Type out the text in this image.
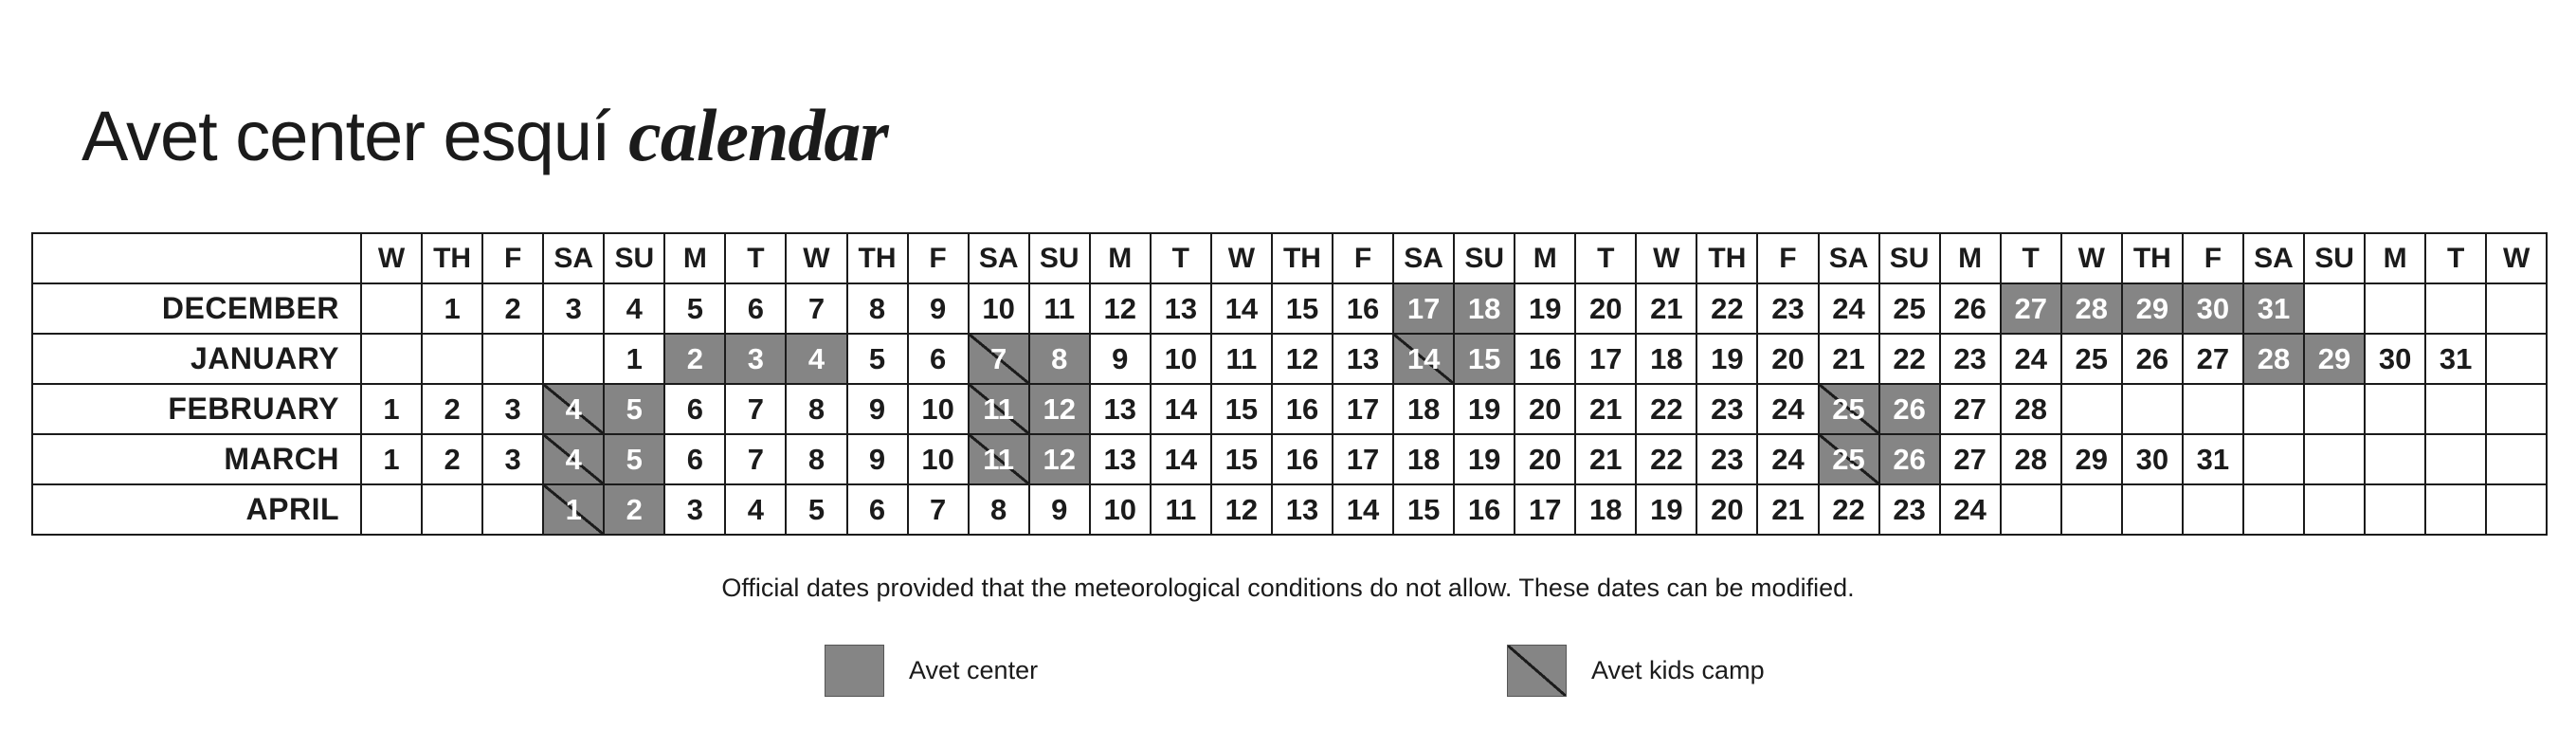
Avet center esquí calendar
	W	TH	F	SA	SU	M	T	W	TH	F	SA	SU	M	T	W	TH	F	SA	SU	M	T	W	TH	F	SA	SU	M	T	W	TH	F	SA	SU	M	T	W
DECEMBER		1	2	3	4	5	6	7	8	9	10	11	12	13	14	15	16	17	18	19	20	21	22	23	24	25	26	27	28	29	30	31				
JANUARY					1	2	3	4	5	6	7	8	9	10	11	12	13	14	15	16	17	18	19	20	21	22	23	24	25	26	27	28	29	30	31	
FEBRUARY	1	2	3	4	5	6	7	8	9	10	11	12	13	14	15	16	17	18	19	20	21	22	23	24	25	26	27	28								
MARCH	1	2	3	4	5	6	7	8	9	10	11	12	13	14	15	16	17	18	19	20	21	22	23	24	25	26	27	28	29	30	31					
APRIL				1	2	3	4	5	6	7	8	9	10	11	12	13	14	15	16	17	18	19	20	21	22	23	24									
Official dates provided that the meteorological conditions do not allow. These dates can be modified.
Avet center	Avet kids camp
